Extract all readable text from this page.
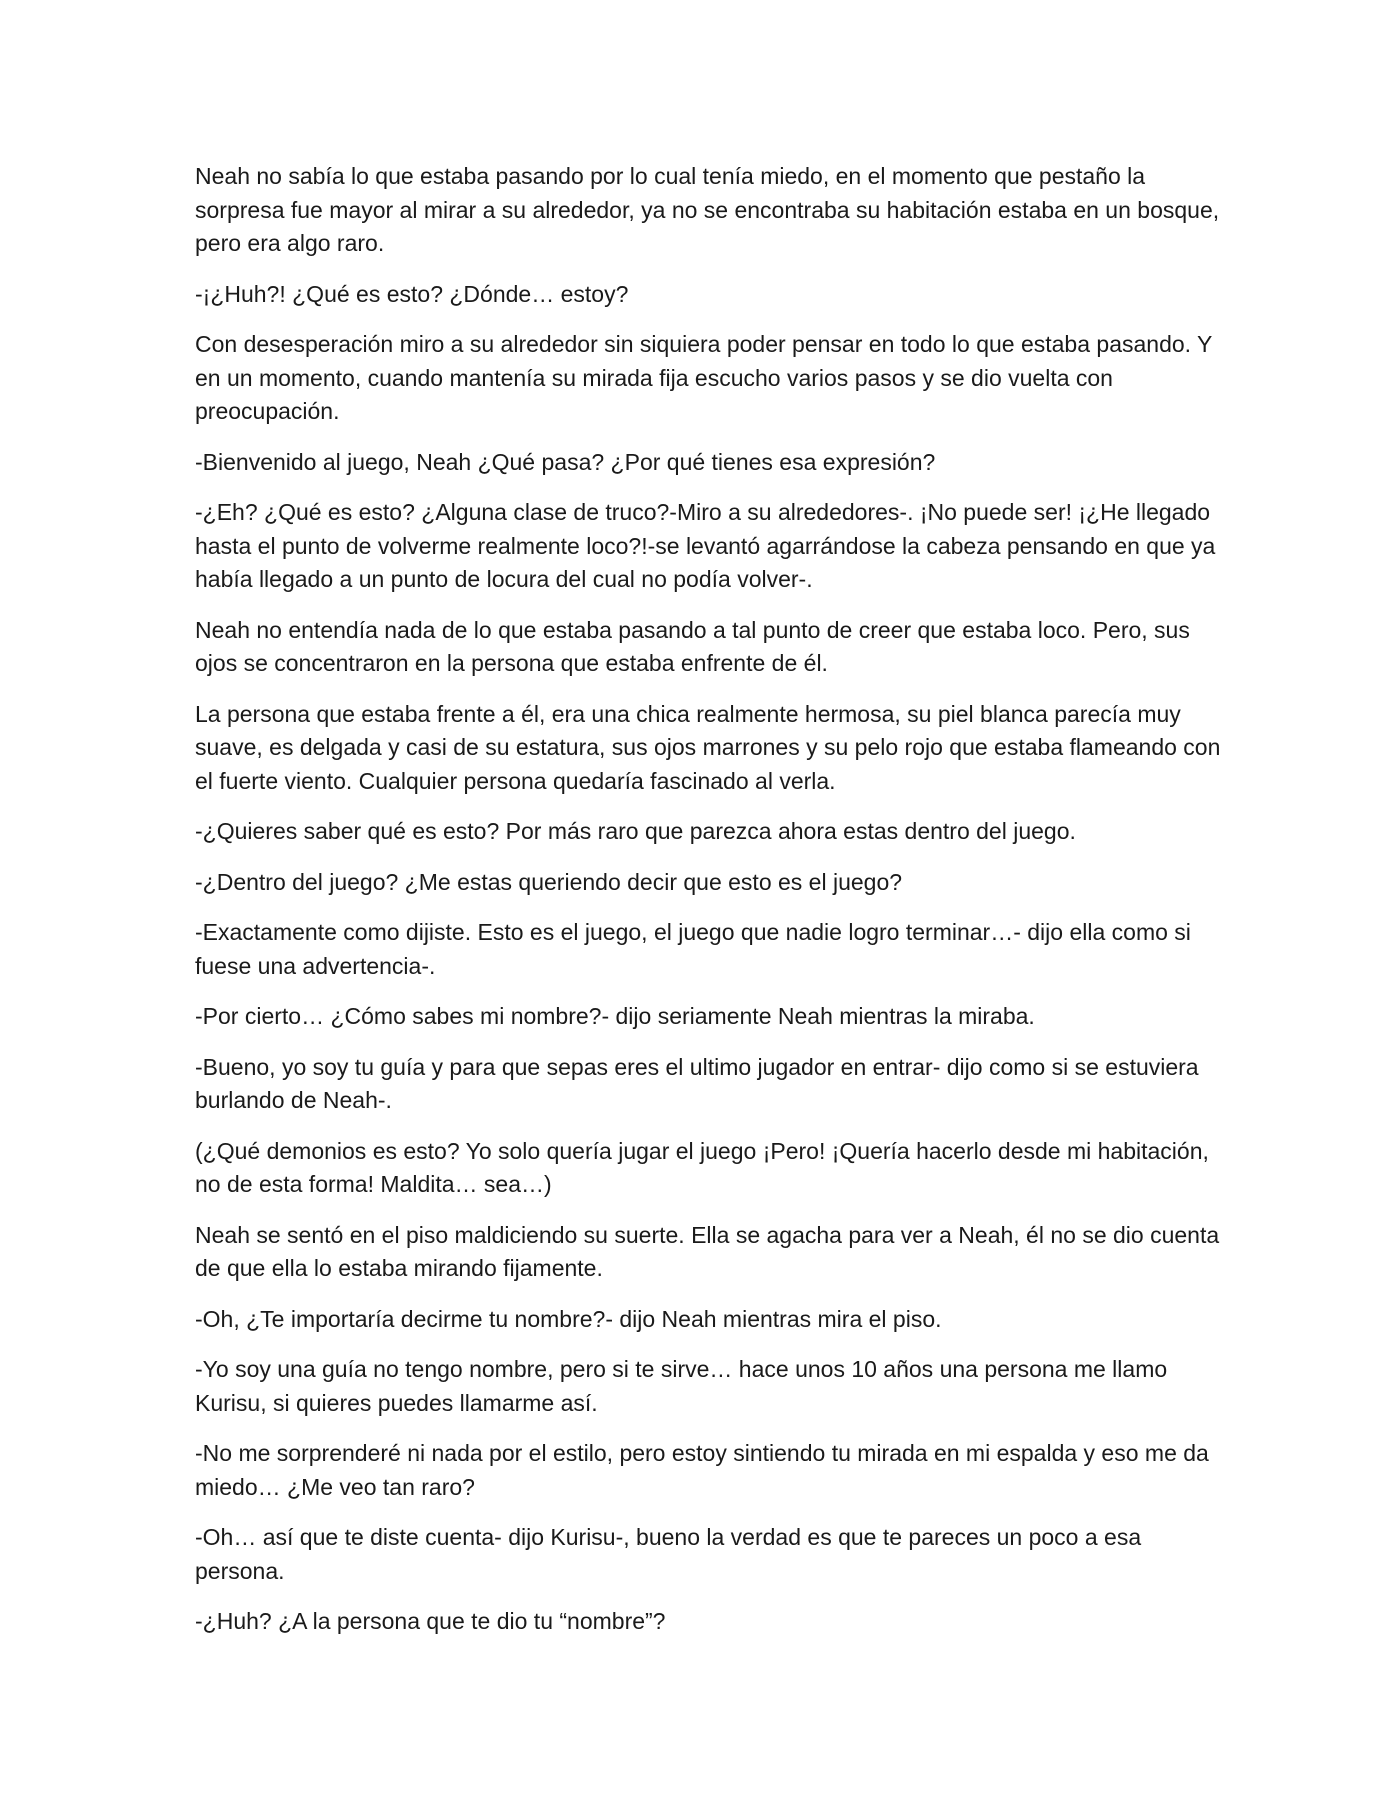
Neah no sabía lo que estaba pasando por lo cual tenía miedo, en el momento que pestaño la sorpresa fue mayor al mirar a su alrededor, ya no se encontraba su habitación estaba en un bosque, pero era algo raro.

-¡¿Huh?! ¿Qué es esto? ¿Dónde… estoy?

Con desesperación miro a su alrededor sin siquiera poder pensar en todo lo que estaba pasando. Y en un momento, cuando mantenía su mirada fija escucho varios pasos y se dio vuelta con preocupación.

-Bienvenido al juego, Neah ¿Qué pasa? ¿Por qué tienes esa expresión?

-¿Eh? ¿Qué es esto? ¿Alguna clase de truco?-Miro a su alrededores-. ¡No puede ser! ¡¿He llegado hasta el punto de volverme realmente loco?!-se levantó agarrándose la cabeza pensando en que ya había llegado a un punto de locura del cual no podía volver-.

Neah no entendía nada de lo que estaba pasando a tal punto de creer que estaba loco. Pero, sus ojos se concentraron en la persona que estaba enfrente de él.

La persona que estaba frente a él, era una chica realmente hermosa, su piel blanca parecía muy suave, es delgada y casi de su estatura, sus ojos marrones y su pelo rojo que estaba flameando con el fuerte viento. Cualquier persona quedaría fascinado al verla.

-¿Quieres saber qué es esto? Por más raro que parezca ahora estas dentro del juego.

-¿Dentro del juego? ¿Me estas queriendo decir que esto es el juego?

-Exactamente como dijiste. Esto es el juego, el juego que nadie logro terminar…- dijo ella como si fuese una advertencia-.

-Por cierto… ¿Cómo sabes mi nombre?- dijo seriamente Neah mientras la miraba.

-Bueno, yo soy tu guía y para que sepas eres el ultimo jugador en entrar- dijo como si se estuviera burlando de Neah-.

(¿Qué demonios es esto? Yo solo quería jugar el juego ¡Pero! ¡Quería hacerlo desde mi habitación, no de esta forma! Maldita… sea…)

Neah se sentó en el piso maldiciendo su suerte. Ella se agacha para ver a Neah, él no se dio cuenta de que ella lo estaba mirando fijamente.

-Oh, ¿Te importaría decirme tu nombre?- dijo Neah mientras mira el piso.

-Yo soy una guía no tengo nombre, pero si te sirve… hace unos 10 años una persona me llamo Kurisu, si quieres puedes llamarme así.

-No me sorprenderé ni nada por el estilo, pero estoy sintiendo tu mirada en mi espalda y eso me da miedo… ¿Me veo tan raro?

-Oh… así que te diste cuenta- dijo Kurisu-, bueno la verdad es que te pareces un poco a esa persona.

-¿Huh? ¿A la persona que te dio tu “nombre”?
